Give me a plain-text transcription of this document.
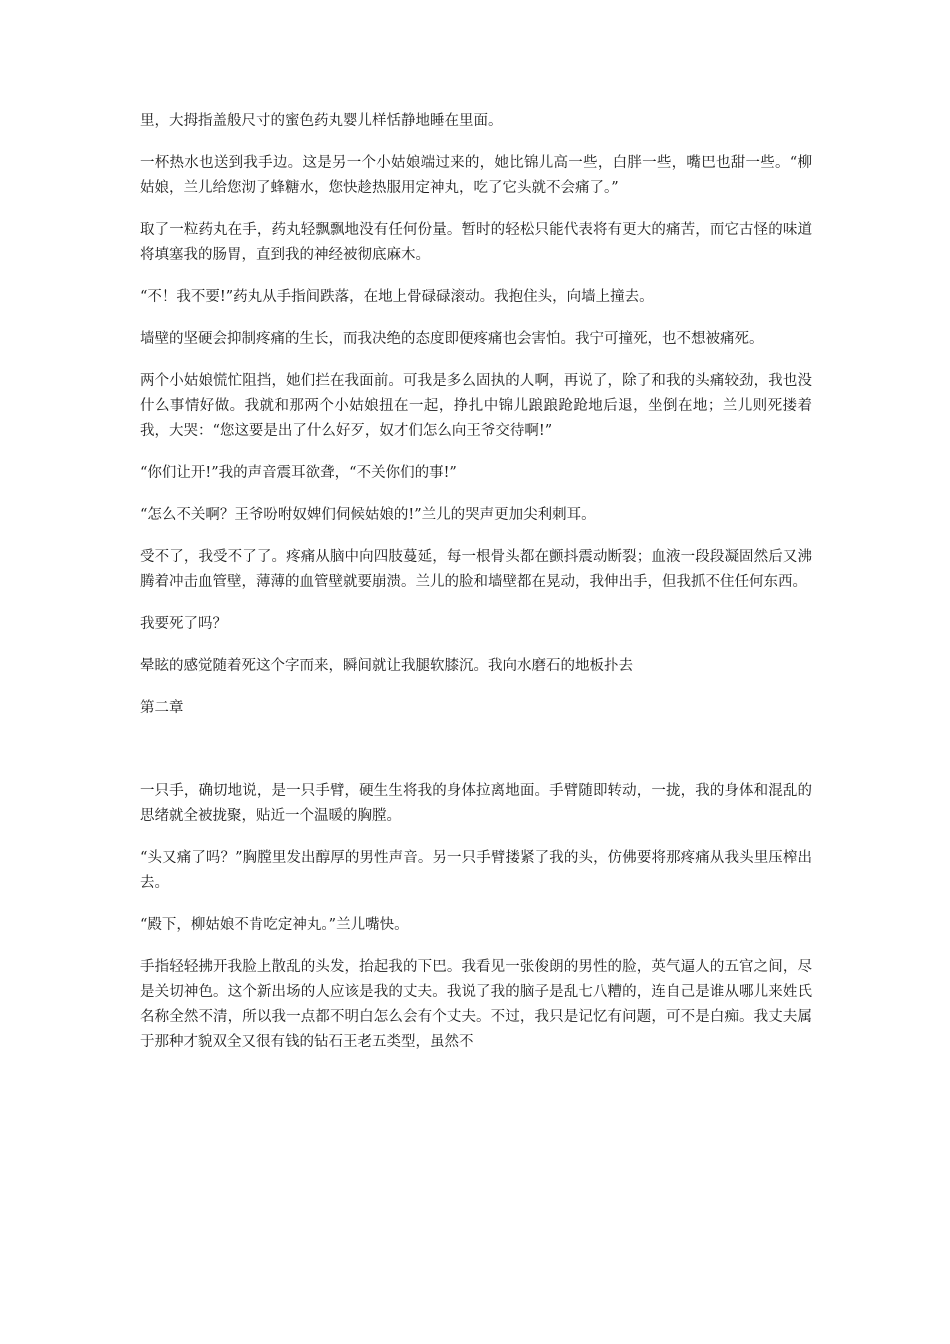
里，大拇指盖般尺寸的蜜色药丸婴儿样恬静地睡在里面。

一杯热水也送到我手边。这是另一个小姑娘端过来的，她比锦儿高一些，白胖一些，嘴巴也甜一些。“柳姑娘，兰儿给您沏了蜂糖水，您快趁热服用定神丸，吃了它头就不会痛了。”

取了一粒药丸在手，药丸轻飘飘地没有任何份量。暂时的轻松只能代表将有更大的痛苦，而它古怪的味道将填塞我的肠胃，直到我的神经被彻底麻木。

“不！我不要!”药丸从手指间跌落，在地上骨碌碌滚动。我抱住头，向墙上撞去。

墙壁的坚硬会抑制疼痛的生长，而我决绝的态度即便疼痛也会害怕。我宁可撞死，也不想被痛死。

两个小姑娘慌忙阻挡，她们拦在我面前。可我是多么固执的人啊，再说了，除了和我的头痛较劲，我也没什么事情好做。我就和那两个小姑娘扭在一起，挣扎中锦儿踉踉跄跄地后退，坐倒在地；兰儿则死搂着我，大哭：“您这要是出了什么好歹，奴才们怎么向王爷交待啊!”

“你们让开!”我的声音震耳欲聋，“不关你们的事!”

“怎么不关啊？王爷吩咐奴婢们伺候姑娘的!”兰儿的哭声更加尖利刺耳。

受不了，我受不了了。疼痛从脑中向四肢蔓延，每一根骨头都在颤抖震动断裂；血液一段段凝固然后又沸腾着冲击血管壁，薄薄的血管壁就要崩溃。兰儿的脸和墙壁都在晃动，我伸出手，但我抓不住任何东西。

我要死了吗？

晕眩的感觉随着死这个字而来，瞬间就让我腿软膝沉。我向水磨石的地板扑去

第二章

一只手，确切地说，是一只手臂，硬生生将我的身体拉离地面。手臂随即转动，一拢，我的身体和混乱的思绪就全被拢聚，贴近一个温暖的胸膛。

“头又痛了吗？”胸膛里发出醇厚的男性声音。另一只手臂搂紧了我的头，仿佛要将那疼痛从我头里压榨出去。

“殿下，柳姑娘不肯吃定神丸。”兰儿嘴快。

手指轻轻拂开我脸上散乱的头发，抬起我的下巴。我看见一张俊朗的男性的脸，英气逼人的五官之间，尽是关切神色。这个新出场的人应该是我的丈夫。我说了我的脑子是乱七八糟的，连自己是谁从哪儿来姓氏名称全然不清，所以我一点都不明白怎么会有个丈夫。不过，我只是记忆有问题，可不是白痴。我丈夫属于那种才貌双全又很有钱的钻石王老五类型，虽然不
